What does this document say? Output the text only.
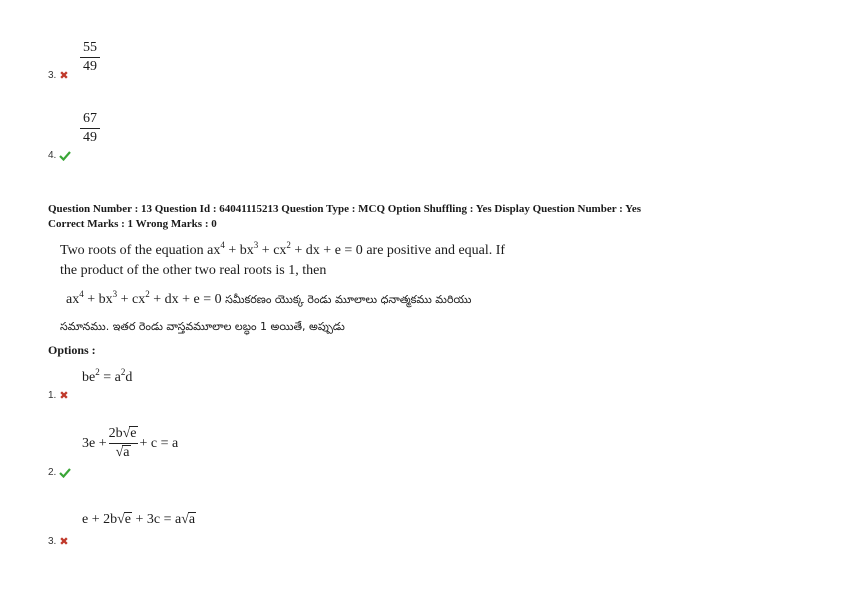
55
49
3. ✖
67
49
4.
Question Number : 13 Question Id : 64041115213 Question Type : MCQ Option Shuffling : Yes Display Question Number : Yes
Correct Marks : 1 Wrong Marks : 0
Two roots of the equation $ax^4 + bx^3 + cx^2$ + dx + e = 0 are positive and equal. If
the product of the other two real roots is 1, then
$ax^4 + bx^3 + cx^2$ + dx + e = 0 సమీకరణం యొక్క రెండు మూలాలు ధనాత్మకము మరియు
సమానము. ఇతర రెండు వాస్తవమూలాల లబ్ధం 1 అయితే, అప్పుడు
Options :
$be^2 = a^2d$
1. ✖
$3e + \frac{2b√e}{√a} + c = a$
2.
e + 2b√e + 3c = a√a
3. ✖
